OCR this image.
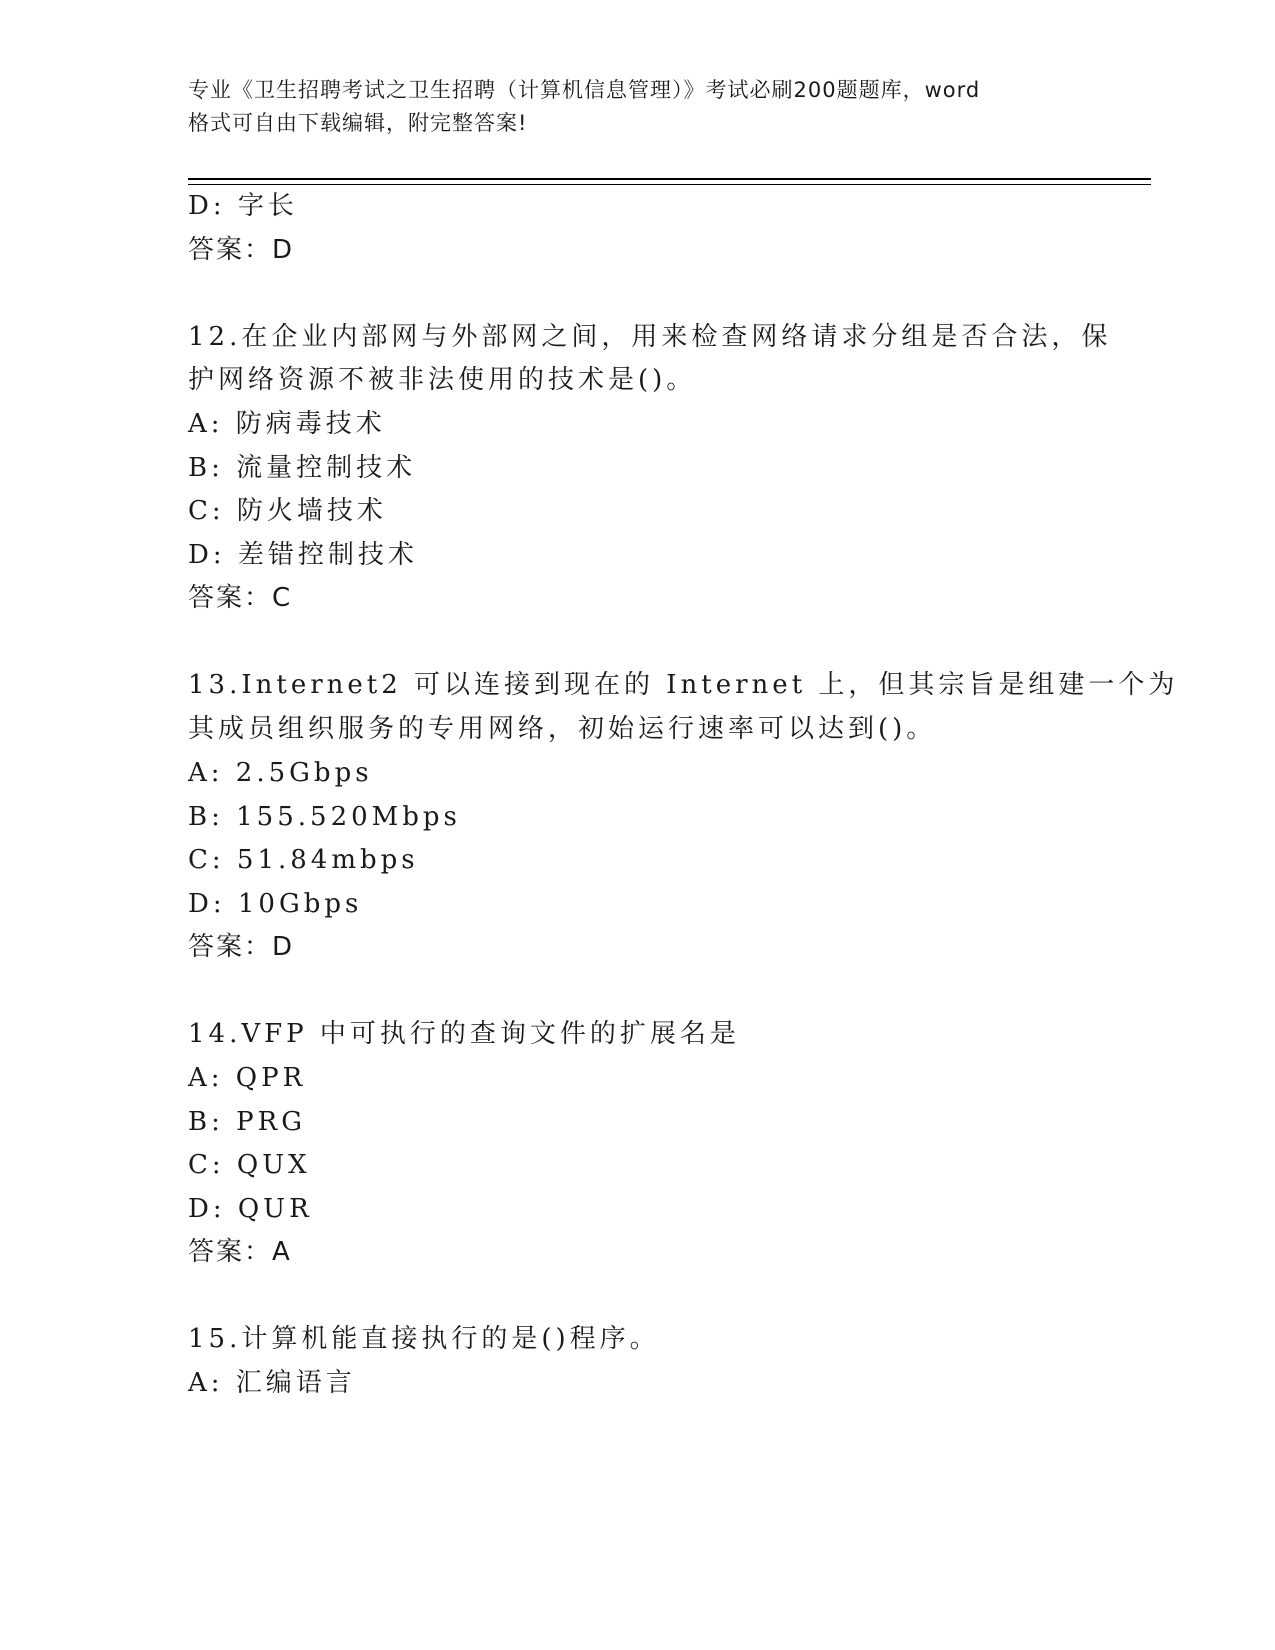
专业《卫生招聘考试之卫生招聘（计算机信息管理）》考试必刷200题题库，word
格式可自由下载编辑，附完整答案!
D: 字长
答案：D
12.在企业内部网与外部网之间，用来检查网络请求分组是否合法，保
护网络资源不被非法使用的技术是()。
A: 防病毒技术
B: 流量控制技术
C: 防火墙技术
D: 差错控制技术
答案：C
13.Internet2 可以连接到现在的 Internet 上，但其宗旨是组建一个为
其成员组织服务的专用网络，初始运行速率可以达到()。
A: 2.5Gbps
B: 155.520Mbps
C: 51.84mbps
D: 10Gbps
答案：D
14.VFP 中可执行的查询文件的扩展名是
A: QPR
B: PRG
C: QUX
D: QUR
答案：A
15.计算机能直接执行的是()程序。
A: 汇编语言
